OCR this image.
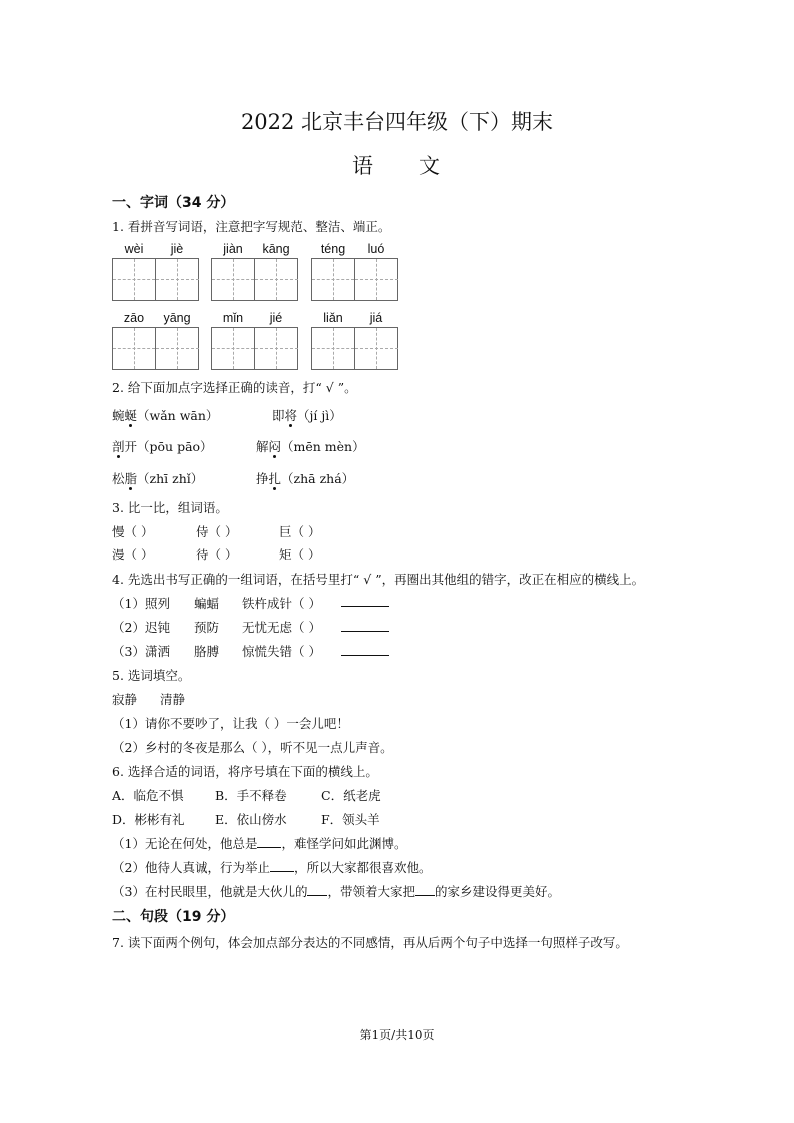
2022 北京丰台四年级（下）期末
语 文
一、字词（34 分）
1. 看拼音写词语，注意把字写规范、整洁、端正。
wèi	jiè	jiàn	kāng	téng	luó
zāo	yāng	mǐn	jié	liǎn	jiá
2. 给下面加点字选择正确的读音，打“ √ ”。
蜿蜒（wǎn wān）	即将（jí jì）
剖开（pōu pāo）	解闷（mēn mèn）
松脂（zhī zhǐ）	挣扎（zhā zhá）
3. 比一比，组词语。
慢（ ）	侍（ ）	巨（ ）
漫（ ）	待（ ）	矩（ ）
4. 先选出书写正确的一组词语，在括号里打“ √ ”，再圈出其他组的错字，改正在相应的横线上。
（1）照列 蝙蝠 铁杵成针（ ）
（2）迟钝 预防 无忧无虑（ ）
（3）潇洒 胳膊 惊慌失错（ ）
5. 选词填空。
寂静 清静
（1）请你不要吵了，让我（ ）一会儿吧！
（2）乡村的冬夜是那么（ ），听不见一点儿声音。
6. 选择合适的词语，将序号填在下面的横线上。
A．临危不惧	B．手不释卷	C．纸老虎
D．彬彬有礼 E．依山傍水	F．领头羊
（1）无论在何处，他总是 ，难怪学问如此渊博。
（2）他待人真诚，行为举止 ，所以大家都很喜欢他。
（3）在村民眼里，他就是大伙儿的 ，带领着大家把 的家乡建设得更美好。
二、句段（19 分）
7. 读下面两个例句，体会加点部分表达的不同感情，再从后两个句子中选择一句照样子改写。
第1页/共10页
